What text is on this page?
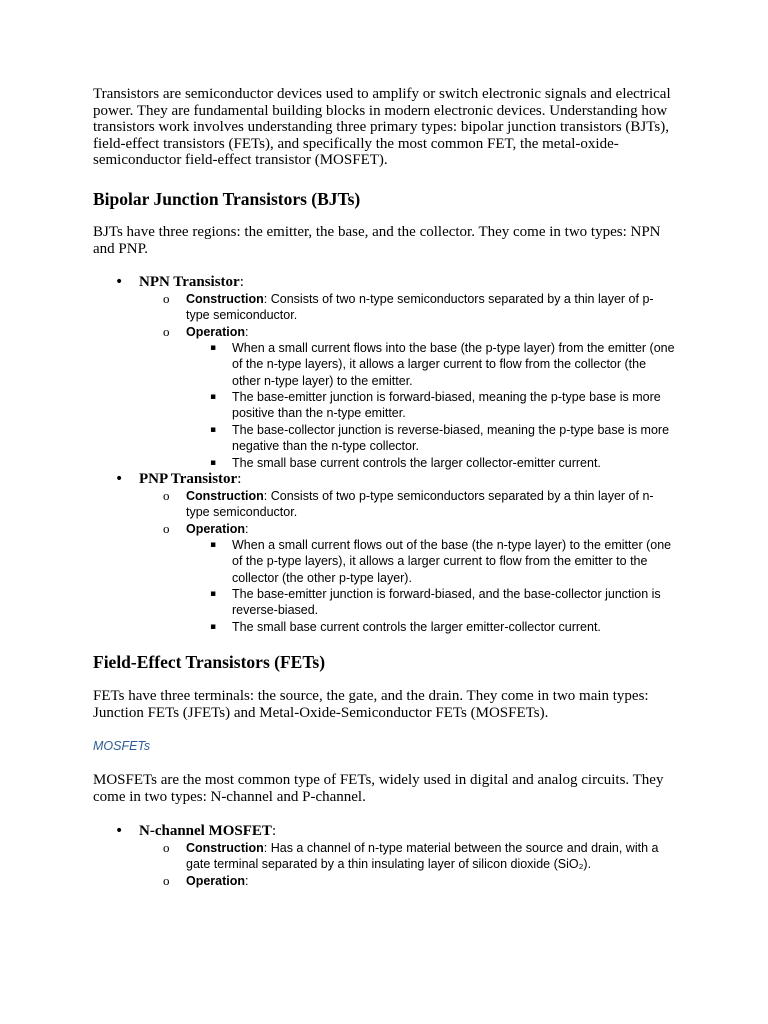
Transistors are semiconductor devices used to amplify or switch electronic signals and electrical power. They are fundamental building blocks in modern electronic devices. Understanding how transistors work involves understanding three primary types: bipolar junction transistors (BJTs), field-effect transistors (FETs), and specifically the most common FET, the metal-oxide-semiconductor field-effect transistor (MOSFET).
Bipolar Junction Transistors (BJTs)
BJTs have three regions: the emitter, the base, and the collector. They come in two types: NPN and PNP.
• NPN Transistor:
o Construction: Consists of two n-type semiconductors separated by a thin layer of p-type semiconductor.
o Operation:
▪ When a small current flows into the base (the p-type layer) from the emitter (one of the n-type layers), it allows a larger current to flow from the collector (the other n-type layer) to the emitter.
▪ The base-emitter junction is forward-biased, meaning the p-type base is more positive than the n-type emitter.
▪ The base-collector junction is reverse-biased, meaning the p-type base is more negative than the n-type collector.
▪ The small base current controls the larger collector-emitter current.
• PNP Transistor:
o Construction: Consists of two p-type semiconductors separated by a thin layer of n-type semiconductor.
o Operation:
▪ When a small current flows out of the base (the n-type layer) to the emitter (one of the p-type layers), it allows a larger current to flow from the emitter to the collector (the other p-type layer).
▪ The base-emitter junction is forward-biased, and the base-collector junction is reverse-biased.
▪ The small base current controls the larger emitter-collector current.
Field-Effect Transistors (FETs)
FETs have three terminals: the source, the gate, and the drain. They come in two main types: Junction FETs (JFETs) and Metal-Oxide-Semiconductor FETs (MOSFETs).
MOSFETs
MOSFETs are the most common type of FETs, widely used in digital and analog circuits. They come in two types: N-channel and P-channel.
• N-channel MOSFET:
o Construction: Has a channel of n-type material between the source and drain, with a gate terminal separated by a thin insulating layer of silicon dioxide (SiO₂).
o Operation:
